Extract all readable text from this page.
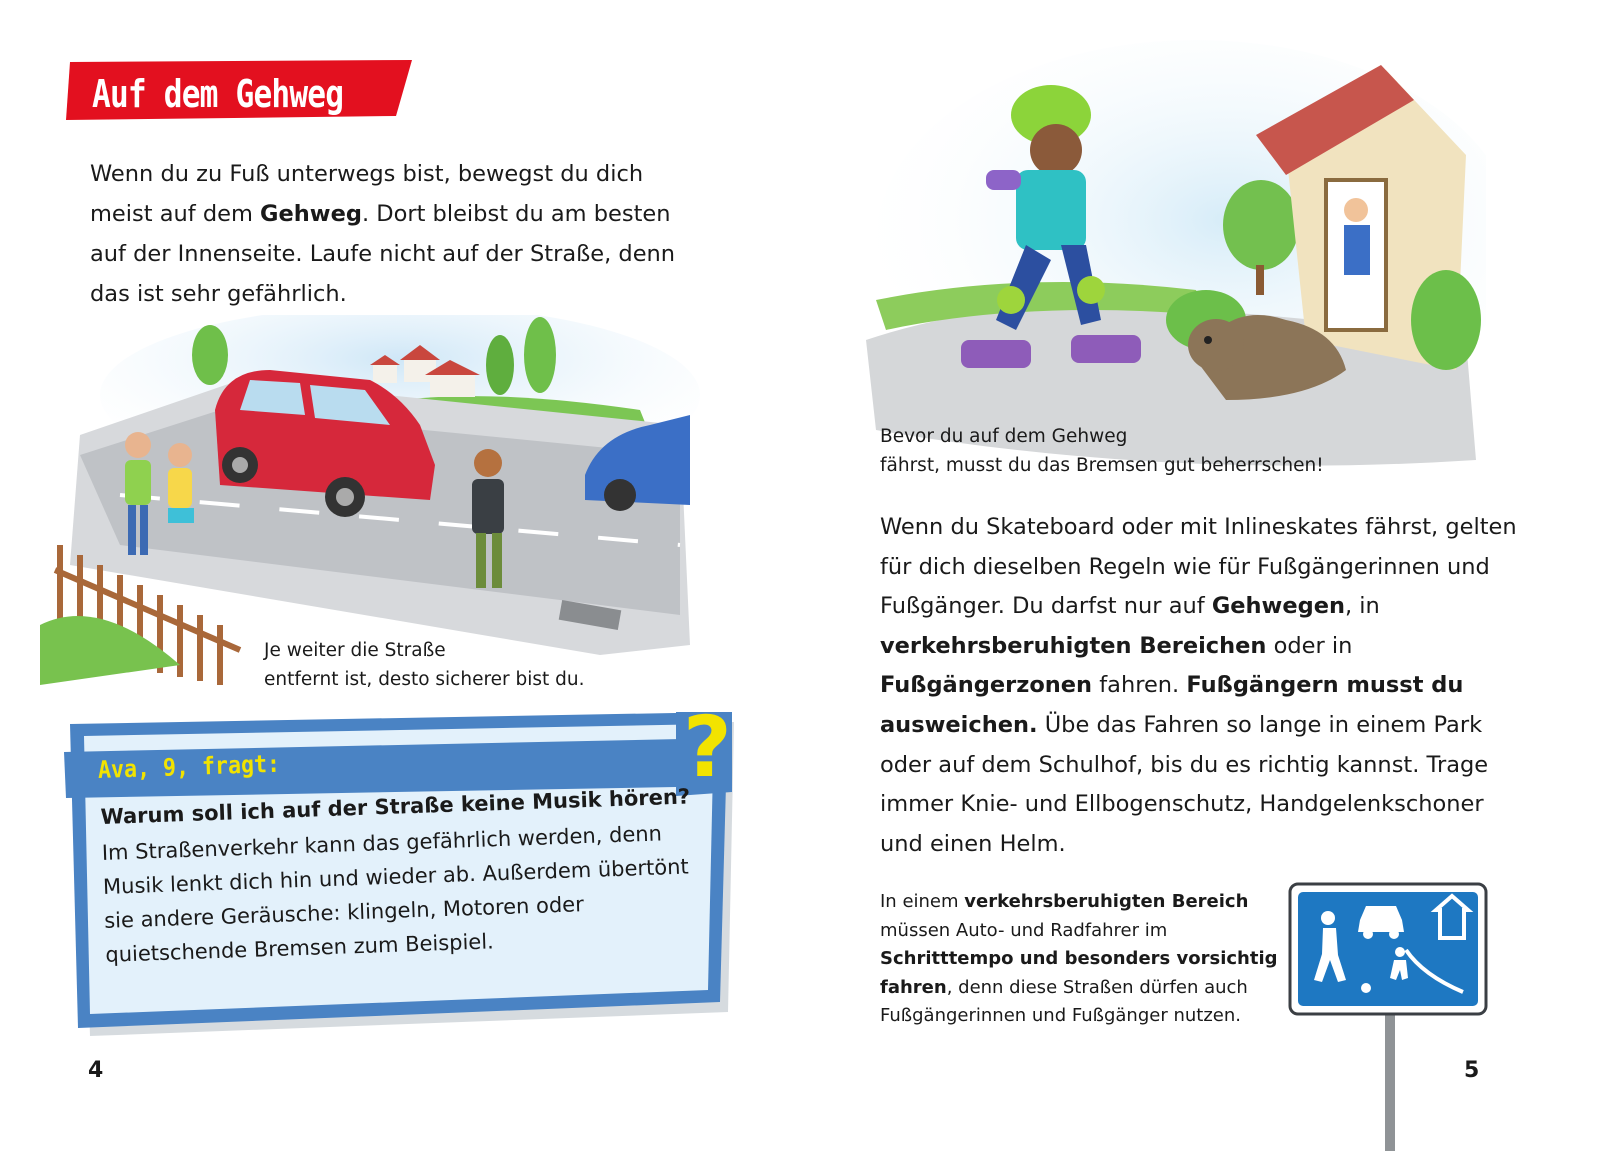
Auf dem Gehweg
Wenn du zu Fuß unterwegs bist, bewegst du dich meist auf dem Gehweg. Dort bleibst du am besten auf der Innenseite. Laufe nicht auf der Straße, denn das ist sehr gefährlich.
Je weiter die Straße
entfernt ist, desto sicherer bist du.
Ava, 9, fragt:	?

Warum soll ich auf der Straße keine Musik hören?

Im Straßenverkehr kann das gefährlich werden, denn Musik lenkt dich hin und wieder ab. Außerdem übertönt sie andere Geräusche: klingeln, Motoren oder quietschende Bremsen zum Beispiel.

4
Bevor du auf dem Gehweg
fährst, musst du das Bremsen gut beherrschen!
Wenn du Skateboard oder mit Inlineskates fährst, gelten für dich dieselben Regeln wie für Fußgängerinnen und Fußgänger. Du darfst nur auf Gehwegen, in verkehrsberuhigten Bereichen oder in Fußgängerzonen fahren. Fußgängern musst du ausweichen. Übe das Fahren so lange in einem Park oder auf dem Schulhof, bis du es richtig kannst. Trage immer Knie- und Ellbogenschutz, Handgelenkschoner und einen Helm.
In einem verkehrsberuhigten Bereich müssen Auto- und Radfahrer im Schritttempo und besonders vorsichtig fahren, denn diese Straßen dürfen auch Fußgängerinnen und Fußgänger nutzen.
5
